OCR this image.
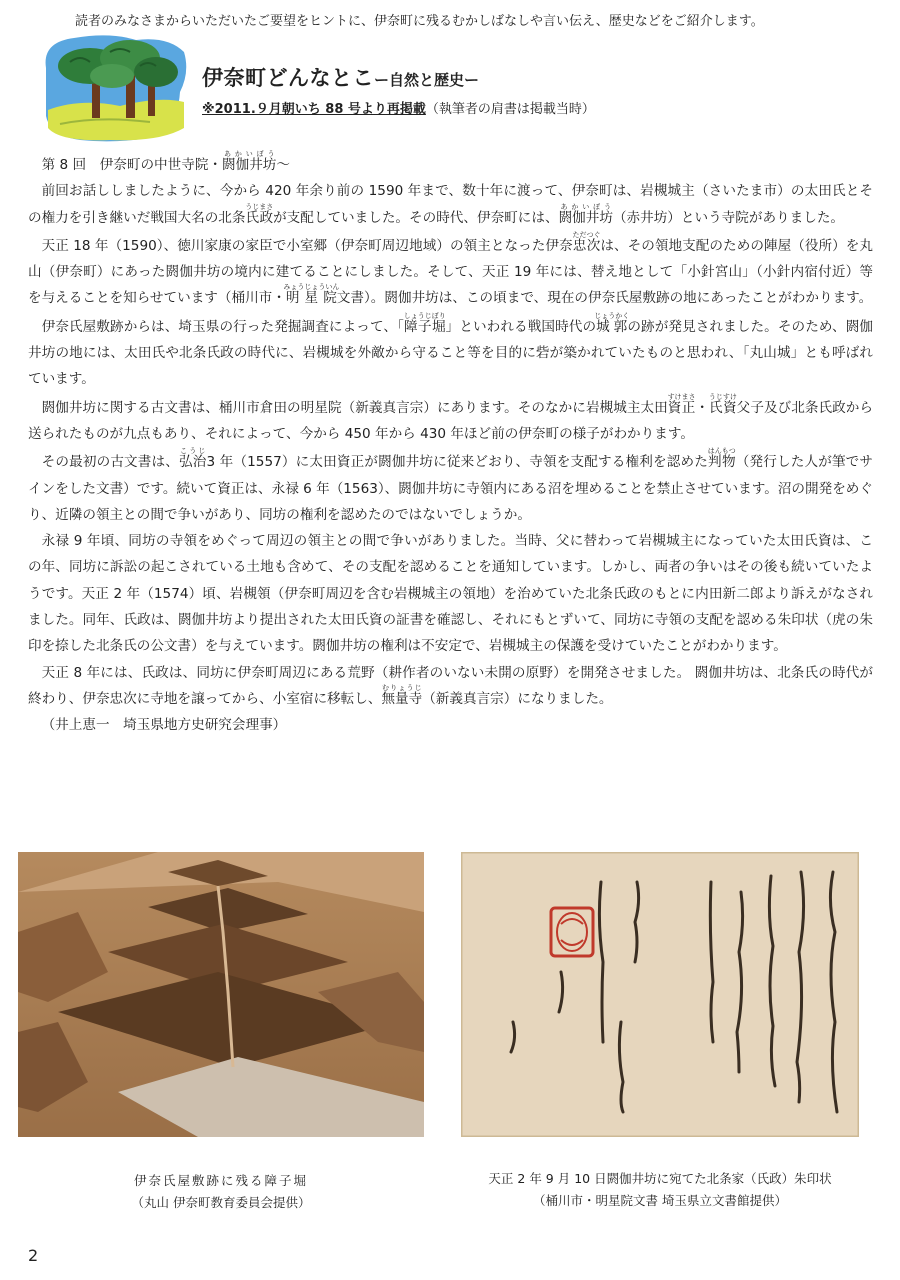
読者のみなさまからいただいたご要望をヒントに、伊奈町に残るむかしばなしや言い伝え、歴史などをご紹介します。
伊奈町どんなとこー自然と歴史ー
※2011.９月朝いち 88 号より再掲載（執筆者の肩書は掲載当時）

第 8 回　伊奈町の中世寺院・閼伽井坊あかいぼう〜

前回お話ししましたように、今から 420 年余り前の 1590 年まで、数十年に渡って、伊奈町は、岩槻城主（さいたま市）の太田氏とその権力を引き継いだ戦国大名の北条氏政うじまさが支配していました。その時代、伊奈町には、閼伽井坊あかいぼう（赤井坊）という寺院がありました。

天正 18 年（1590）、徳川家康の家臣で小室郷（伊奈町周辺地域）の領主となった伊奈忠次ただつぐは、その領地支配のための陣屋（役所）を丸山（伊奈町）にあった閼伽井坊の境内に建てることにしました。そして、天正 19 年には、替え地として「小針宮山」（小針内宿付近）等を与えることを知らせています（桶川市・明星院みょうじょういん文書）。閼伽井坊は、この頃まで、現在の伊奈氏屋敷跡の地にあったことがわかります。

伊奈氏屋敷跡からは、埼玉県の行った発掘調査によって、「障子堀しょうじぼり」といわれる戦国時代の城郭じょうかくの跡が発見されました。そのため、閼伽井坊の地には、太田氏や北条氏政の時代に、岩槻城を外敵から守ること等を目的に砦が築かれていたものと思われ、「丸山城」とも呼ばれています。

閼伽井坊に関する古文書は、桶川市倉田の明星院（新義真言宗）にあります。そのなかに岩槻城主太田資正すけまさ・氏資うじすけ父子及び北条氏政から送られたものが九点もあり、それによって、今から 450 年から 430 年ほど前の伊奈町の様子がわかります。

その最初の古文書は、弘治こうじ3 年（1557）に太田資正が閼伽井坊に従来どおり、寺領を支配する権利を認めた判物はんもつ（発行した人が筆でサインをした文書）です。続いて資正は、永禄 6 年（1563）、閼伽井坊に寺領内にある沼を埋めることを禁止させています。沼の開発をめぐり、近隣の領主との間で争いがあり、同坊の権利を認めたのではないでしょうか。

永禄 9 年頃、同坊の寺領をめぐって周辺の領主との間で争いがありました。当時、父に替わって岩槻城主になっていた太田氏資は、この年、同坊に訴訟の起こされている土地も含めて、その支配を認めることを通知しています。しかし、両者の争いはその後も続いていたようです。天正 2 年（1574）頃、岩槻領（伊奈町周辺を含む岩槻城主の領地）を治めていた北条氏政のもとに内田新二郎より訴えがなされました。同年、氏政は、閼伽井坊より提出された太田氏資の証書を確認し、それにもとずいて、同坊に寺領の支配を認める朱印状（虎の朱印を捺した北条氏の公文書）を与えています。閼伽井坊の権利は不安定で、岩槻城主の保護を受けていたことがわかります。

天正 8 年には、氏政は、同坊に伊奈町周辺にある荒野（耕作者のいない未開の原野）を開発させました。 閼伽井坊は、北条氏の時代が終わり、伊奈忠次に寺地を譲ってから、小室宿に移転し、無量寺むりょうじ（新義真言宗）になりました。

（井上恵一　埼玉県地方史研究会理事）

伊奈氏屋敷跡に残る障子堀
（丸山 伊奈町教育委員会提供）
天正 2 年 9 月 10 日閼伽井坊に宛てた北条家（氏政）朱印状
（桶川市・明星院文書 埼玉県立文書館提供）
2
